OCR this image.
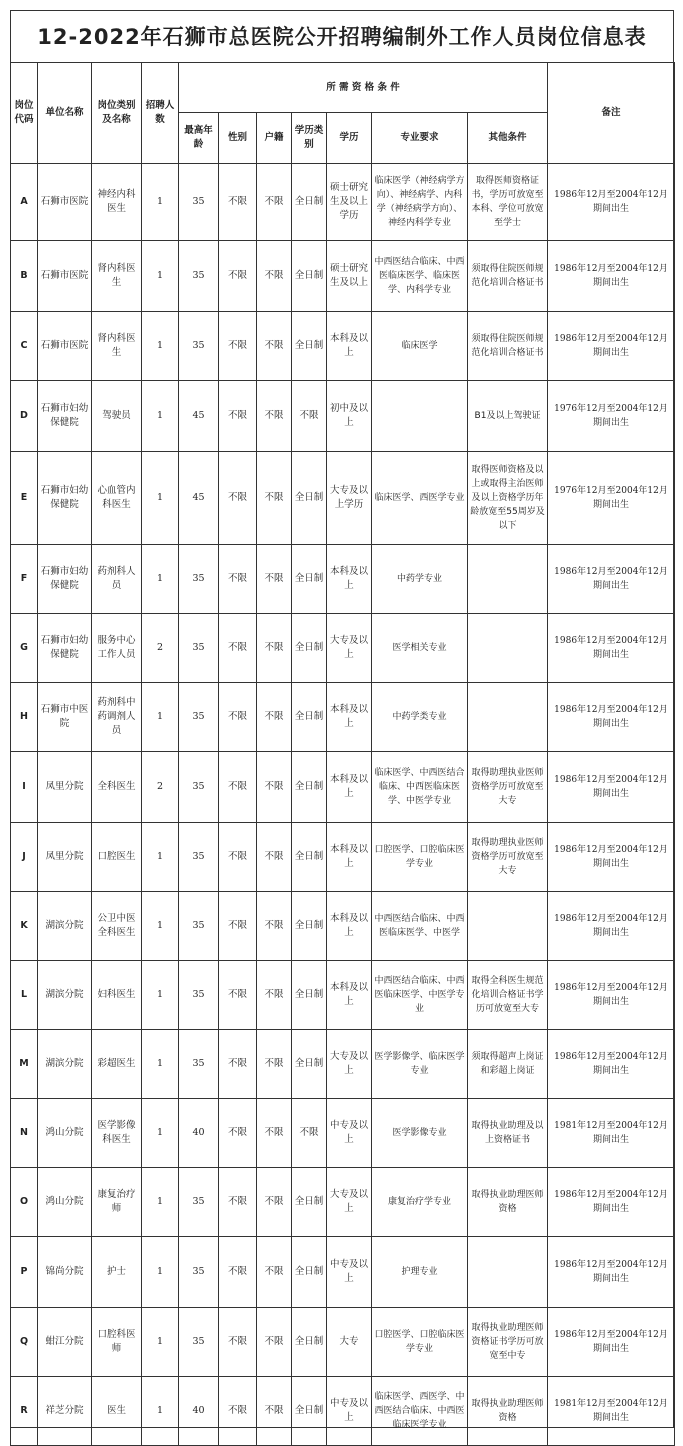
12-2022年石狮市总医院公开招聘编制外工作人员岗位信息表
岗位代码	单位名称	岗位类别及名称	招聘人数	所 需 资 格 条 件							备注
				最高年龄	性别	户籍	学历类别	学历	专业要求	其他条件	
A	石狮市医院	神经内科医生	1	35	不限	不限	全日制	硕士研究生及以上学历	临床医学（神经病学方向）、神经病学、内科学（神经病学方向）、神经内科学专业	取得医师资格证书，学历可放宽至本科、学位可放宽至学士	1986年12月至2004年12月期间出生
B	石狮市医院	肾内科医生	1	35	不限	不限	全日制	硕士研究生及以上	中西医结合临床、中西医临床医学、临床医学、内科学专业	须取得住院医师规范化培训合格证书	1986年12月至2004年12月期间出生
C	石狮市医院	肾内科医生	1	35	不限	不限	全日制	本科及以上	临床医学	须取得住院医师规范化培训合格证书	1986年12月至2004年12月期间出生
D	石狮市妇幼保健院	驾驶员	1	45	不限	不限	不限	初中及以上		B1及以上驾驶证	1976年12月至2004年12月期间出生
E	石狮市妇幼保健院	心血管内科医生	1	45	不限	不限	全日制	大专及以上学历	临床医学、西医学专业	取得医师资格及以上或取得主治医师及以上资格学历年龄放宽至55周岁及以下	1976年12月至2004年12月期间出生
F	石狮市妇幼保健院	药剂科人员	1	35	不限	不限	全日制	本科及以上	中药学专业		1986年12月至2004年12月期间出生
G	石狮市妇幼保健院	服务中心工作人员	2	35	不限	不限	全日制	大专及以上	医学相关专业		1986年12月至2004年12月期间出生
H	石狮市中医院	药剂科中药调剂人员	1	35	不限	不限	全日制	本科及以上	中药学类专业		1986年12月至2004年12月期间出生
I	凤里分院	全科医生	2	35	不限	不限	全日制	本科及以上	临床医学、中西医结合临床、中西医临床医学、中医学专业	取得助理执业医师资格学历可放宽至大专	1986年12月至2004年12月期间出生
J	凤里分院	口腔医生	1	35	不限	不限	全日制	本科及以上	口腔医学、口腔临床医学专业	取得助理执业医师资格学历可放宽至大专	1986年12月至2004年12月期间出生
K	湖滨分院	公卫中医全科医生	1	35	不限	不限	全日制	本科及以上	中西医结合临床、中西医临床医学、中医学		1986年12月至2004年12月期间出生
L	湖滨分院	妇科医生	1	35	不限	不限	全日制	本科及以上	中西医结合临床、中西医临床医学、中医学专业	取得全科医生规范化培训合格证书学历可放宽至大专	1986年12月至2004年12月期间出生
M	湖滨分院	彩超医生	1	35	不限	不限	全日制	大专及以上	医学影像学、临床医学专业	须取得超声上岗证和彩超上岗证	1986年12月至2004年12月期间出生
N	鸿山分院	医学影像科医生	1	40	不限	不限	不限	中专及以上	医学影像专业	取得执业助理及以上资格证书	1981年12月至2004年12月期间出生
O	鸿山分院	康复治疗师	1	35	不限	不限	全日制	大专及以上	康复治疗学专业	取得执业助理医师资格	1986年12月至2004年12月期间出生
P	锦尚分院	护士	1	35	不限	不限	全日制	中专及以上	护理专业		1986年12月至2004年12月期间出生
Q	蚶江分院	口腔科医师	1	35	不限	不限	全日制	大专	口腔医学、口腔临床医学专业	取得执业助理医师资格证书学历可放宽至中专	1986年12月至2004年12月期间出生
R	祥芝分院	医生	1	40	不限	不限	全日制	中专及以上	临床医学、西医学、中西医结合临床、中西医临床医学专业	取得执业助理医师资格	1981年12月至2004年12月期间出生
